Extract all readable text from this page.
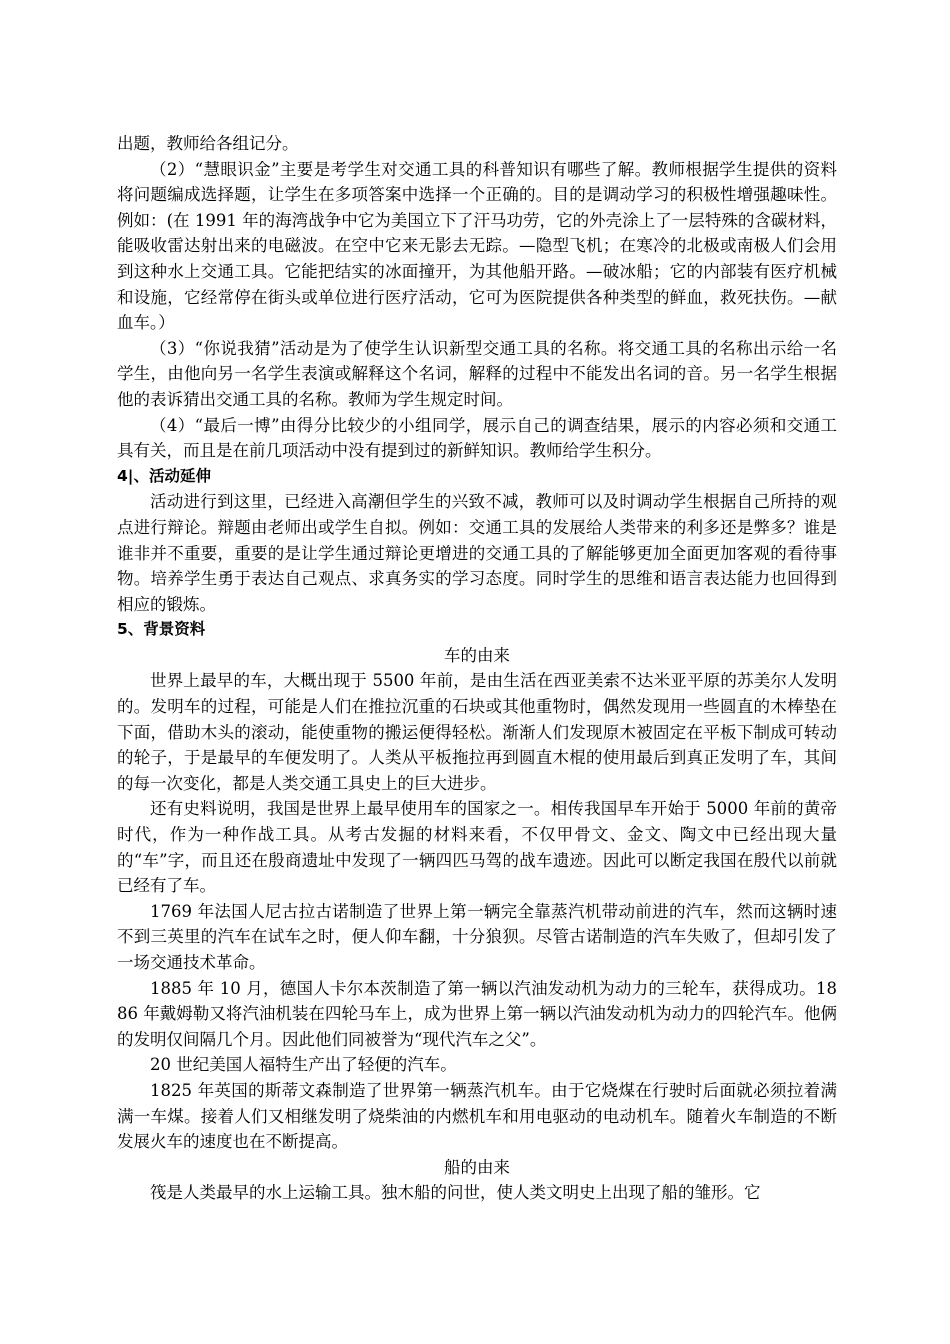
出题，教师给各组记分。

（2）“慧眼识金”主要是考学生对交通工具的科普知识有哪些了解。教师根据学生提供的资料将问题编成选择题，让学生在多项答案中选择一个正确的。目的是调动学习的积极性增强趣味性。例如：(在 1991 年的海湾战争中它为美国立下了汗马功劳，它的外壳涂上了一层特殊的含碳材料，能吸收雷达射出来的电磁波。在空中它来无影去无踪。—隐型飞机；在寒冷的北极或南极人们会用到这种水上交通工具。它能把结实的冰面撞开，为其他船开路。—破冰船；它的内部装有医疗机械和设施，它经常停在街头或单位进行医疗活动，它可为医院提供各种类型的鲜血，救死扶伤。—献血车。）

（3）“你说我猜”活动是为了使学生认识新型交通工具的名称。将交通工具的名称出示给一名学生，由他向另一名学生表演或解释这个名词，解释的过程中不能发出名词的音。另一名学生根据他的表诉猜出交通工具的名称。教师为学生规定时间。

（4）“最后一博”由得分比较少的小组同学，展示自己的调查结果，展示的内容必须和交通工具有关，而且是在前几项活动中没有提到过的新鲜知识。教师给学生积分。

4|、活动延伸

活动进行到这里，已经进入高潮但学生的兴致不减，教师可以及时调动学生根据自己所持的观点进行辩论。辩题由老师出或学生自拟。例如：交通工具的发展给人类带来的利多还是弊多？谁是谁非并不重要，重要的是让学生通过辩论更增进的交通工具的了解能够更加全面更加客观的看待事物。培养学生勇于表达自己观点、求真务实的学习态度。同时学生的思维和语言表达能力也回得到相应的锻炼。

5、背景资料

车的由来

世界上最早的车，大概出现于 5500 年前，是由生活在西亚美索不达米亚平原的苏美尔人发明的。发明车的过程，可能是人们在推拉沉重的石块或其他重物时，偶然发现用一些圆直的木棒垫在下面，借助木头的滚动，能使重物的搬运便得轻松。渐渐人们发现原木被固定在平板下制成可转动的轮子，于是最早的车便发明了。人类从平板拖拉再到圆直木棍的使用最后到真正发明了车，其间的每一次变化，都是人类交通工具史上的巨大进步。

还有史料说明，我国是世界上最早使用车的国家之一。相传我国早车开始于 5000 年前的黄帝时代，作为一种作战工具。从考古发掘的材料来看，不仅甲骨文、金文、陶文中已经出现大量的“车”字，而且还在殷商遗址中发现了一辆四匹马驾的战车遗迹。因此可以断定我国在殷代以前就已经有了车。

1769 年法国人尼古拉古诺制造了世界上第一辆完全靠蒸汽机带动前进的汽车，然而这辆时速不到三英里的汽车在试车之时，便人仰车翻，十分狼狈。尽管古诺制造的汽车失败了，但却引发了一场交通技术革命。

1885 年 10 月，德国人卡尔本茨制造了第一辆以汽油发动机为动力的三轮车，获得成功。1886 年戴姆勒又将汽油机装在四轮马车上，成为世界上第一辆以汽油发动机为动力的四轮汽车。他俩的发明仅间隔几个月。因此他们同被誉为“现代汽车之父”。

20 世纪美国人福特生产出了轻便的汽车。

1825 年英国的斯蒂文森制造了世界第一辆蒸汽机车。由于它烧煤在行驶时后面就必须拉着满满一车煤。接着人们又相继发明了烧柴油的内燃机车和用电驱动的电动机车。随着火车制造的不断发展火车的速度也在不断提高。

船的由来

筏是人类最早的水上运输工具。独木船的问世，使人类文明史上出现了船的雏形。它
